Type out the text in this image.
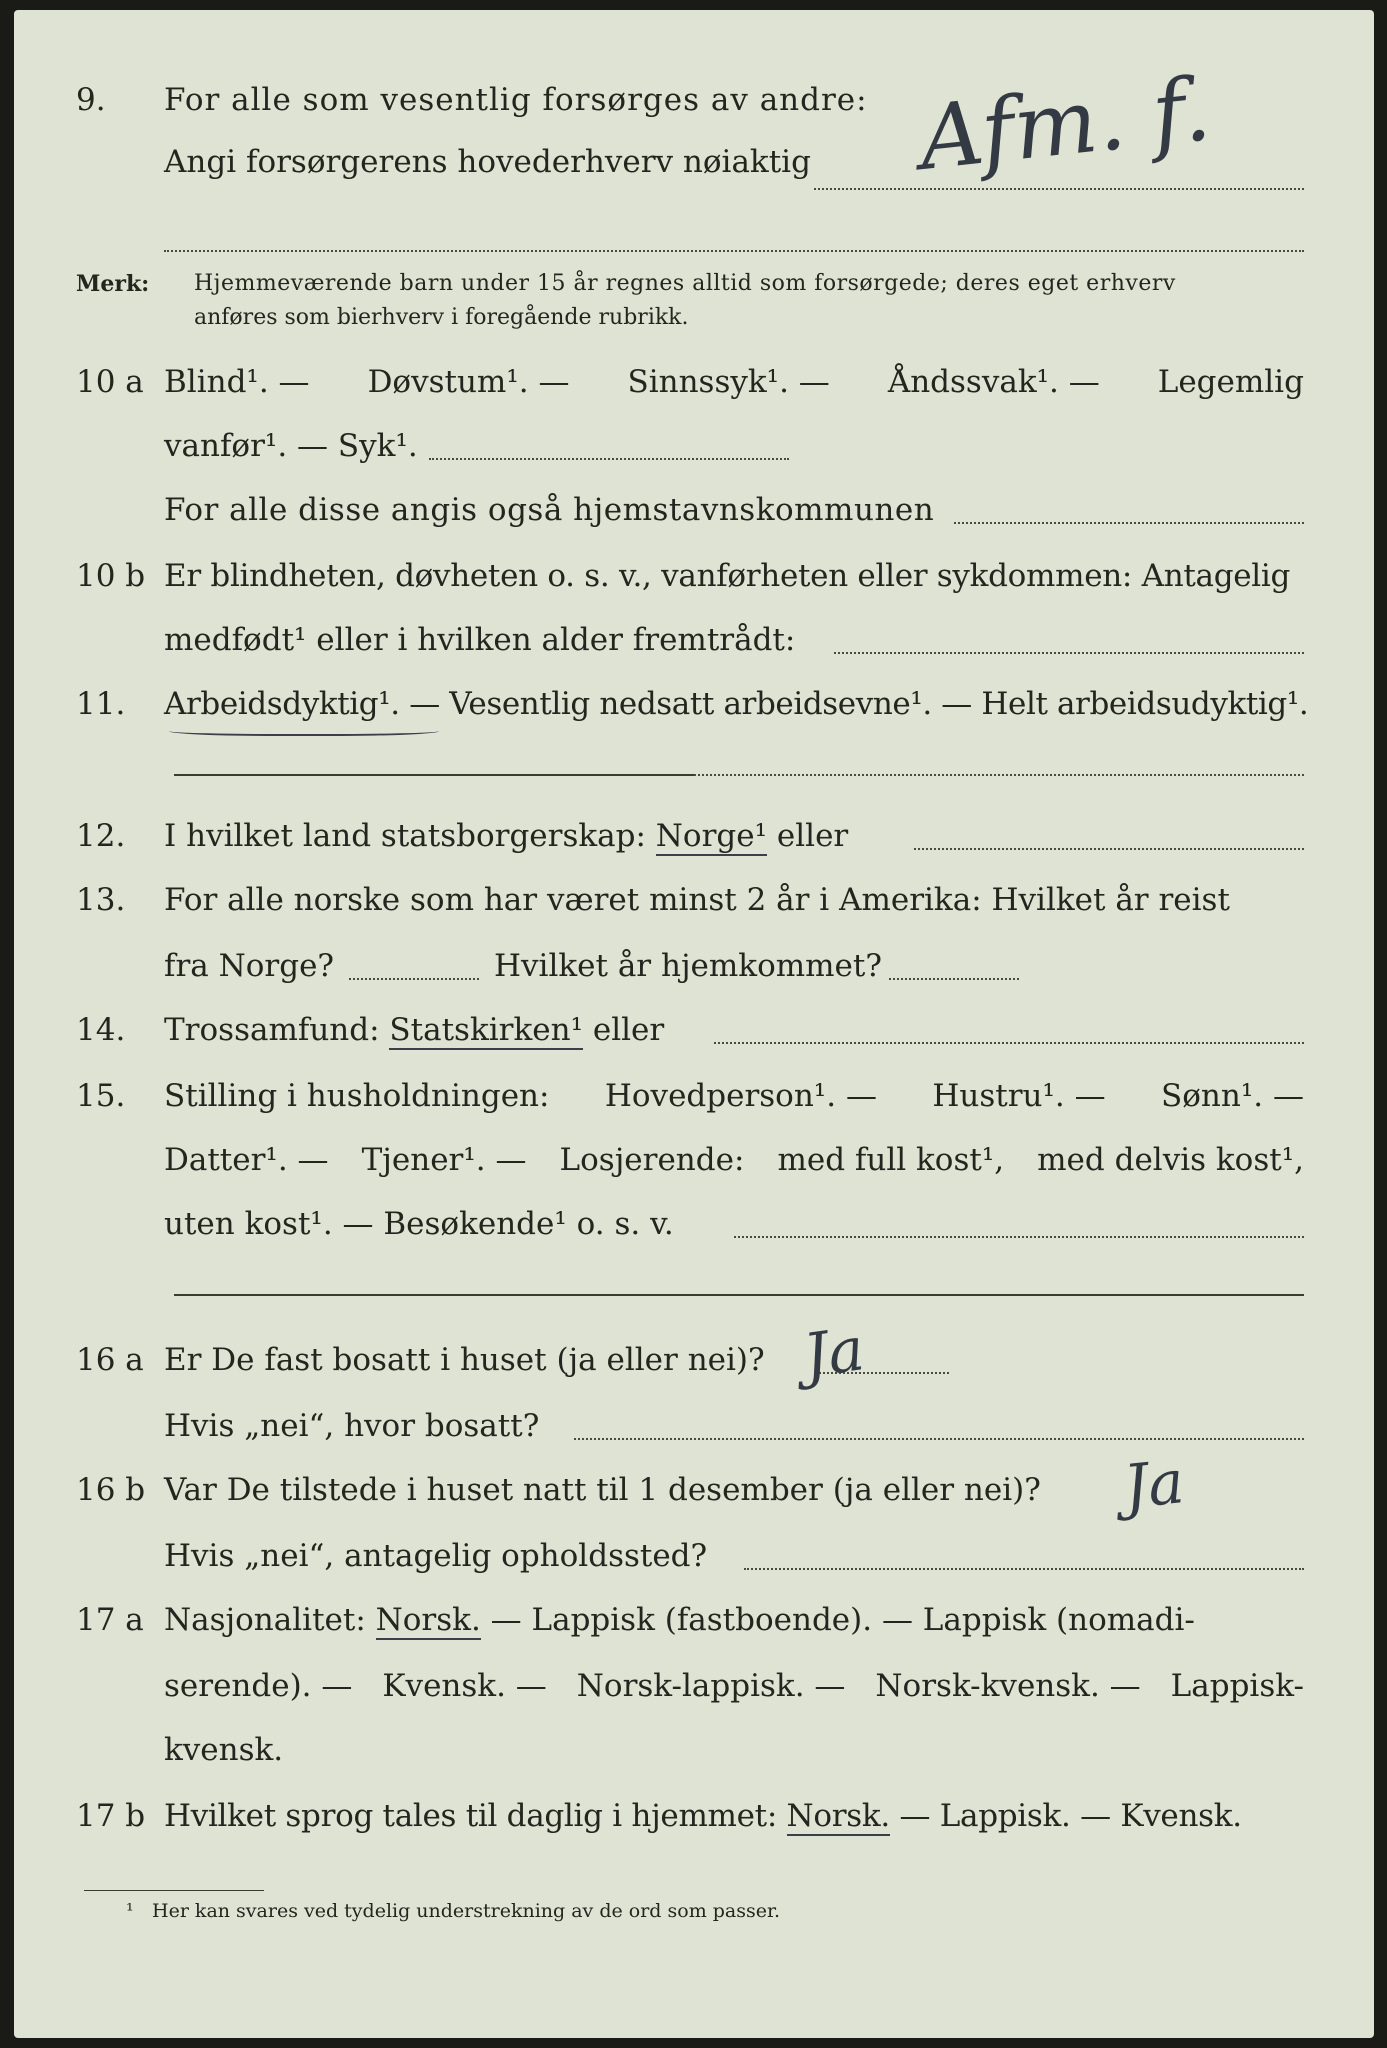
9. For alle som vesentlig forsørges av andre:
Angi forsørgerens hovederhverv nøiaktig Afm. f.
Merk: Hjemmeværende barn under 15 år regnes alltid som forsørgede; deres eget erhverv
anføres som bierhverv i foregående rubrikk.
10 a Blind¹. — Døvstum¹. — Sinnssyk¹. — Åndssvak¹. — Legemlig
vanfør¹. — Syk¹.
For alle disse angis også hjemstavnskommunen
10 b Er blindheten, døvheten o. s. v., vanførheten eller sykdommen: Antagelig
medfødt¹ eller i hvilken alder fremtrådt:
11. Arbeidsdyktig¹. — Vesentlig nedsatt arbeidsevne¹. — Helt arbeidsudyktig¹.
12. I hvilket land statsborgerskap: Norge¹ eller
13. For alle norske som har været minst 2 år i Amerika: Hvilket år reist
fra Norge?	Hvilket år hjemkommet?
14. Trossamfund: Statskirken¹ eller
15. Stilling i husholdningen: Hovedperson¹. — Hustru¹. — Sønn¹. —
Datter¹. — Tjener¹. — Losjerende: med full kost¹, med delvis kost¹,
uten kost¹. — Besøkende¹ o. s. v.
16 a Er De fast bosatt i huset (ja eller nei)? Ja
Hvis „nei“, hvor bosatt?
16 b Var De tilstede i huset natt til 1 desember (ja eller nei)? Ja
Hvis „nei“, antagelig opholdssted?
17 a Nasjonalitet: Norsk. — Lappisk (fastboende). — Lappisk (nomadi-
serende). — Kvensk. — Norsk-lappisk. — Norsk-kvensk. — Lappisk-
kvensk.
17 b Hvilket sprog tales til daglig i hjemmet: Norsk. — Lappisk. — Kvensk.
¹ Her kan svares ved tydelig understrekning av de ord som passer.
